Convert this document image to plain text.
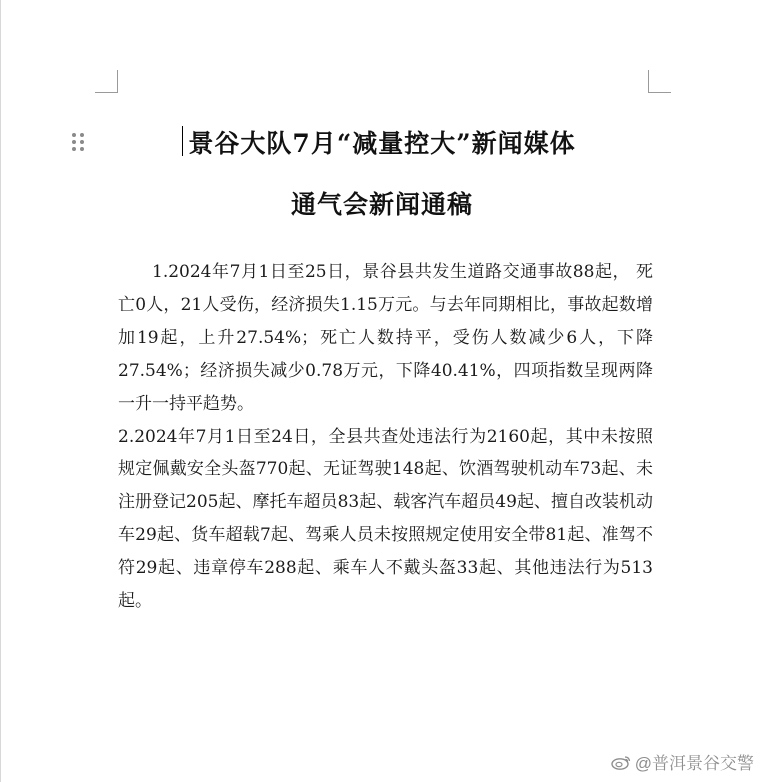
景谷大队7月“减量控大”新闻媒体
通气会新闻通稿

1.2024年7月1日至25日，景谷县共发生道路交通事故88起， 死亡0人，21人受伤，经济损失1.15万元。与去年同期相比，事故起数增加19起，上升27.54%；死亡人数持平，受伤人数减少6人，下降27.54%；经济损失减少0.78万元，下降40.41%，四项指数呈现两降一升一持平趋势。

2.2024年7月1日至24日，全县共查处违法行为2160起，其中未按照规定佩戴安全头盔770起、无证驾驶148起、饮酒驾驶机动车73起、未注册登记205起、摩托车超员83起、载客汽车超员49起、擅自改装机动车29起、货车超载7起、驾乘人员未按照规定使用安全带81起、准驾不符29起、违章停车288起、乘车人不戴头盔33起、其他违法行为513起。

@普洱景谷交警
